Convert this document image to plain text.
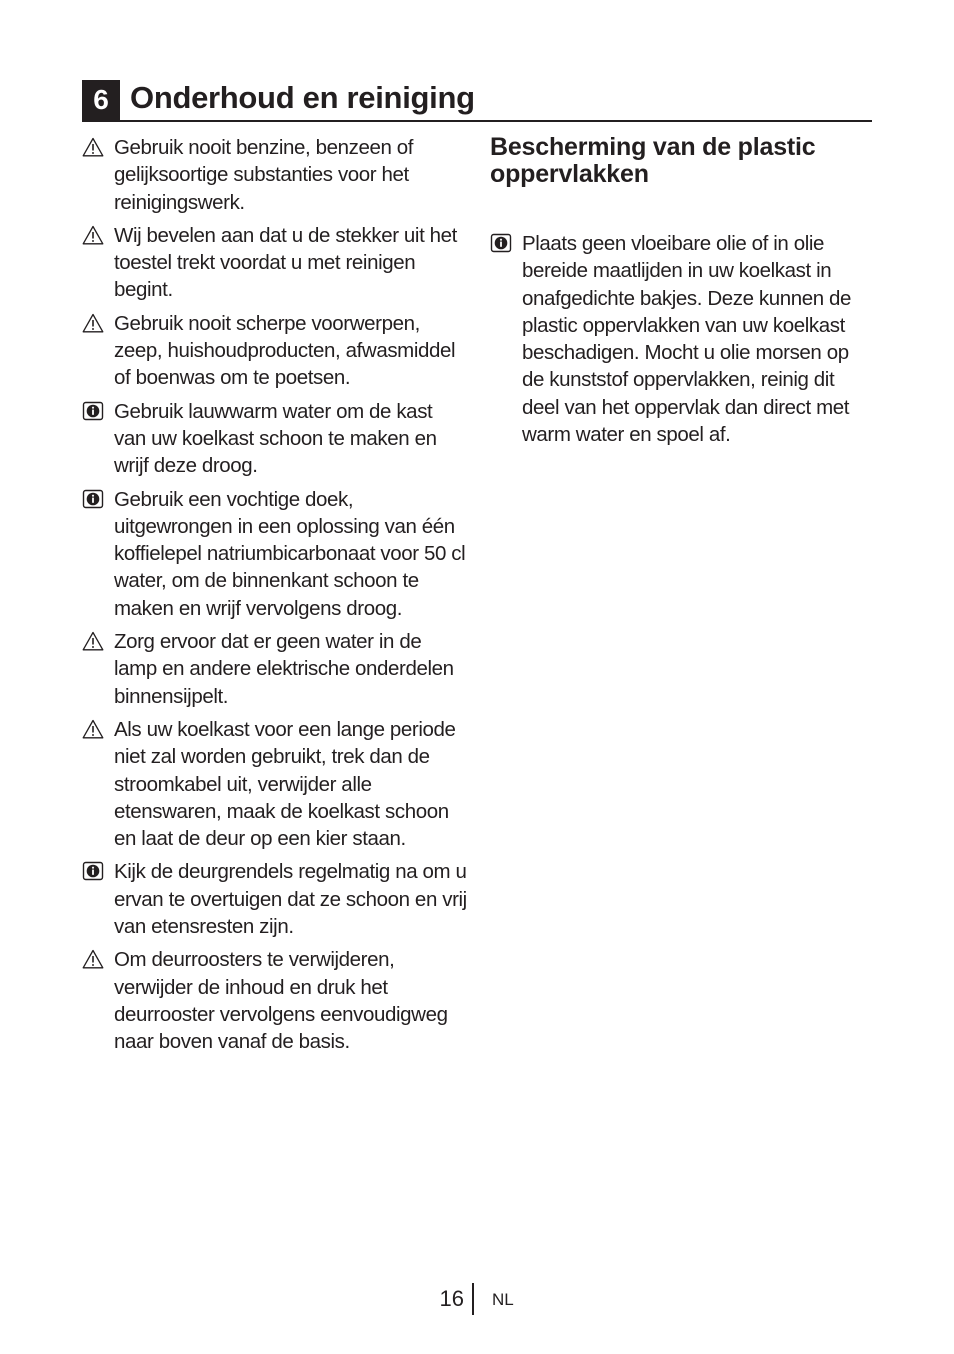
6 Onderhoud en reiniging
Gebruik nooit benzine, benzeen of gelijksoortige substanties voor het reinigingswerk.
Wij bevelen aan dat u de stekker uit het toestel trekt voordat u met reinigen begint.
Gebruik nooit scherpe voorwerpen, zeep, huishoudproducten, afwasmiddel of boenwas om te poetsen.
Gebruik lauwwarm water om de kast van uw koelkast schoon te maken en wrijf deze droog.
Gebruik een vochtige doek, uitgewrongen in een oplossing van één koffielepel natriumbicarbonaat voor 50 cl water, om de binnenkant schoon te maken en wrijf vervolgens droog.
Zorg ervoor dat er geen water in de lamp en andere elektrische onderdelen binnensijpelt.
Als uw koelkast voor een lange periode niet zal worden gebruikt, trek dan de stroomkabel uit, verwijder alle etenswaren, maak de koelkast schoon en laat de deur op een kier staan.
Kijk de deurgrendels regelmatig na om u ervan te overtuigen dat ze schoon en vrij van etensresten zijn.
Om deurroosters te verwijderen, verwijder de inhoud en druk het deurrooster vervolgens eenvoudigweg naar boven vanaf de basis.
Bescherming van de plastic oppervlakken
Plaats geen vloeibare olie of in olie bereide maatlijden in uw koelkast in onafgedichte bakjes. Deze kunnen de plastic oppervlakken van uw koelkast beschadigen. Mocht u olie morsen op de kunststof oppervlakken, reinig dit deel van het oppervlak dan direct met warm water en spoel af.
16 NL
